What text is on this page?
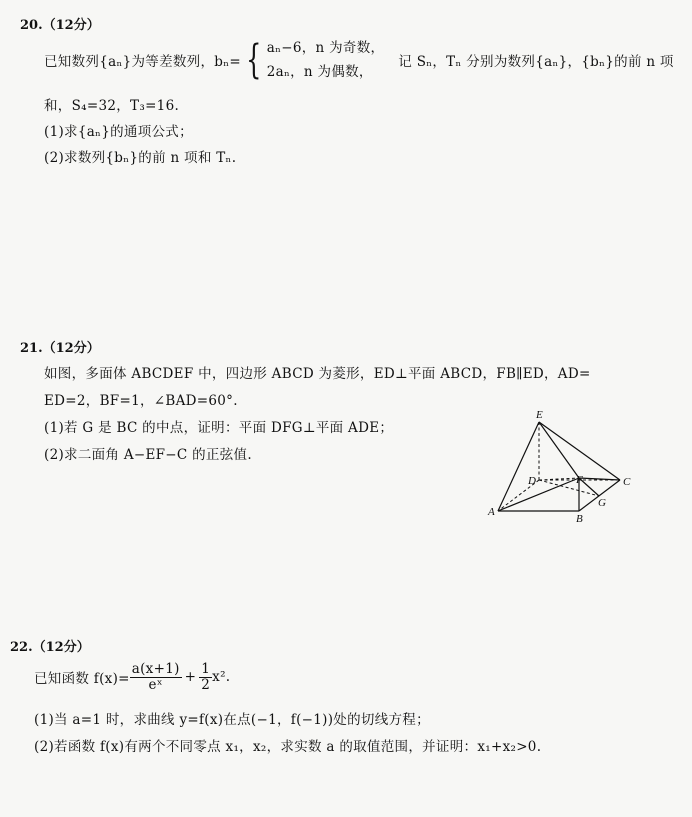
20.（12分）
已知数列{aₙ}为等差数列，bₙ= { aₙ−6，n 为奇数，
2aₙ，n 为偶数，
记 Sₙ，Tₙ 分别为数列{aₙ}，{bₙ}的前 n 项
和，S₄=32，T₃=16.
(1)求{aₙ}的通项公式；
(2)求数列{bₙ}的前 n 项和 Tₙ.
21.（12分）
如图，多面体 ABCDEF 中，四边形 ABCD 为菱形，ED⊥平面 ABCD，FB∥ED，AD=
ED=2，BF=1，∠BAD=60°.
(1)若 G 是 BC 的中点，证明：平面 DFG⊥平面 ADE；
(2)求二面角 A−EF−C 的正弦值.
E
D	F	C
G
A
B
22.（12分）
已知函数 $f(x)= \frac{a(x+1)}{\text{eˣ}} + \frac{1}{2} x^2$.
(1)当 a=1 时，求曲线 y=f(x)在点(−1，f(−1))处的切线方程；
(2)若函数 f(x)有两个不同零点 x₁，x₂，求实数 a 的取值范围，并证明：x₁+x₂>0.
